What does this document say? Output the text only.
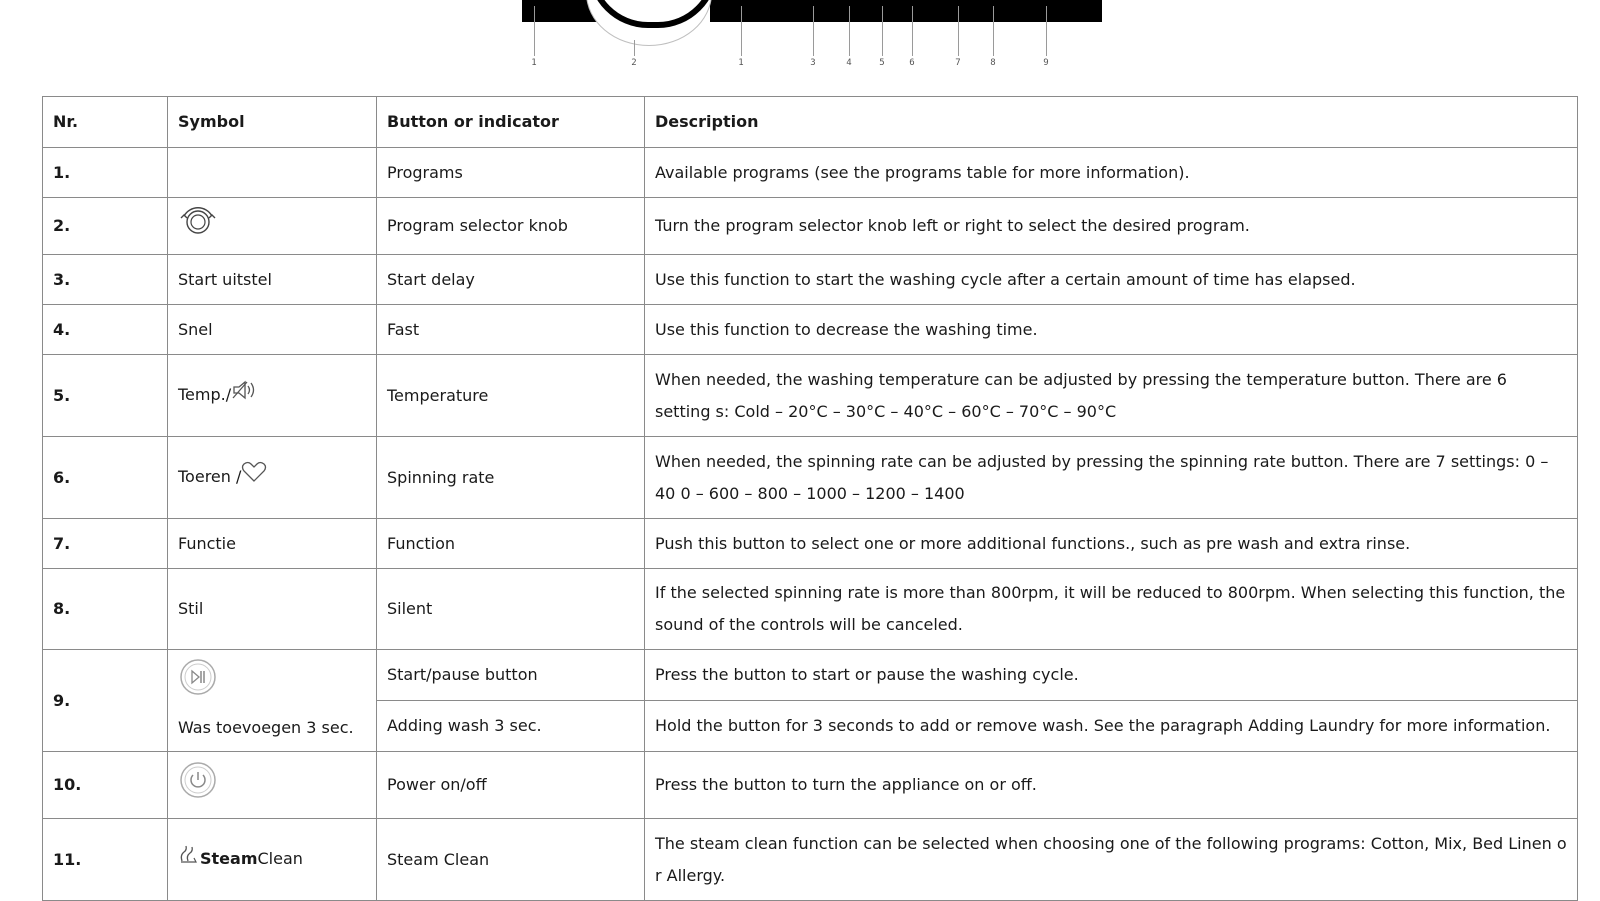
1	2	1	3	4	5	6	7	8	9
Nr.	Symbol	Button or indicator	Description
1.		Programs	Available programs (see the programs table for more information).
2.		Program selector knob	Turn the program selector knob left or right to select the desired program.
3.	Start uitstel	Start delay	Use this function to start the washing cycle after a certain amount of time has elapsed.
4.	Snel	Fast	Use this function to decrease the washing time.
5.	Temp./	Temperature	When needed, the washing temperature can be adjusted by pressing the temperature button. There are 6 setting s: Cold – 20°C – 30°C – 40°C – 60°C – 70°C – 90°C
6.	Toeren /	Spinning rate	When needed, the spinning rate can be adjusted by pressing the spinning rate button. There are 7 settings: 0 – 40 0 – 600 – 800 – 1000 – 1200 – 1400
7.	Functie	Function	Push this button to select one or more additional functions., such as pre wash and extra rinse.
8.	Stil	Silent	If the selected spinning rate is more than 800rpm, it will be reduced to 800rpm. When selecting this function, the sound of the controls will be canceled.
9.	Was toevoegen 3 sec.	Start/pause button	Press the button to start or pause the washing cycle.
		Adding wash 3 sec.	Hold the button for 3 seconds to add or remove wash. See the paragraph Adding Laundry for more information.
10.		Power on/off	Press the button to turn the appliance on or off.
11.	SteamClean	Steam Clean	The steam clean function can be selected when choosing one of the following programs: Cotton, Mix, Bed Linen o r Allergy.
